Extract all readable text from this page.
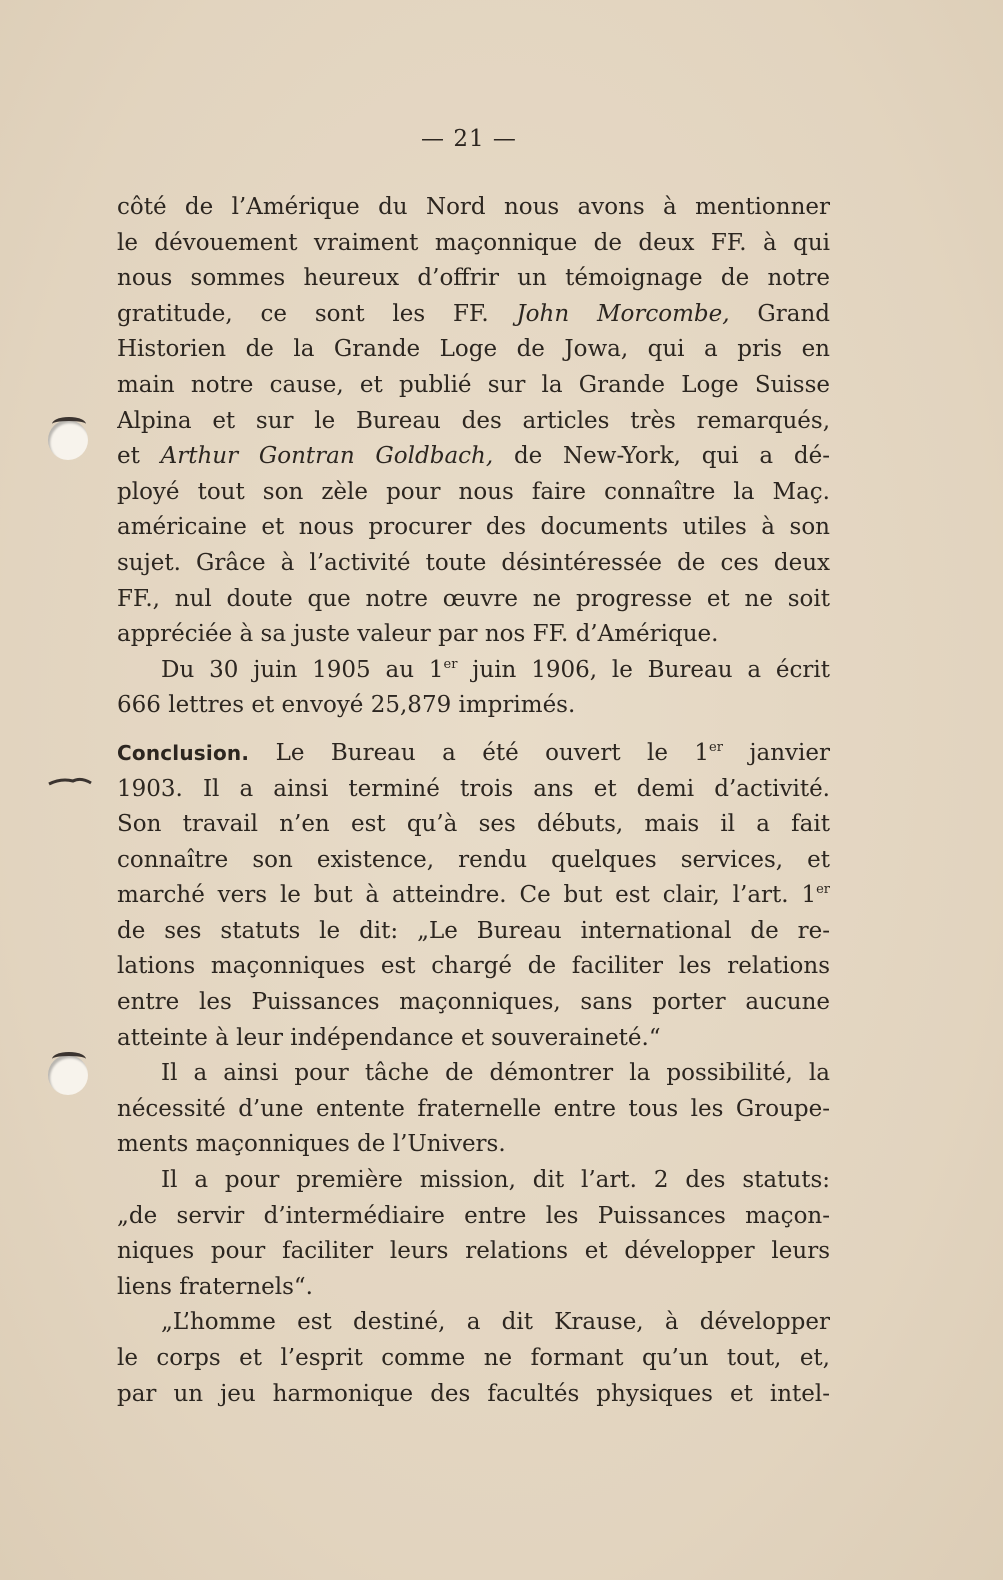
— 21 —
côté de l’Amérique du Nord nous avons à mentionner
le dévouement vraiment maçonnique de deux FF. à qui
nous sommes heureux d’offrir un témoignage de notre
gratitude, ce sont les FF. John Morcombe, Grand
Historien de la Grande Loge de Jowa, qui a pris en
main notre cause, et publié sur la Grande Loge Suisse
Alpina et sur le Bureau des articles très remarqués,
et Arthur Gontran Goldbach, de New-York, qui a dé-
ployé tout son zèle pour nous faire connaître la Maç.
américaine et nous procurer des documents utiles à son
sujet. Grâce à l’activité toute désintéressée de ces deux
FF., nul doute que notre œuvre ne progresse et ne soit
appréciée à sa juste valeur par nos FF. d’Amérique.
Du 30 juin 1905 au 1er juin 1906, le Bureau a écrit
666 lettres et envoyé 25,879 imprimés.
Conclusion. Le Bureau a été ouvert le 1er janvier
1903. Il a ainsi terminé trois ans et demi d’activité.
Son travail n’en est qu’à ses débuts, mais il a fait
connaître son existence, rendu quelques services, et
marché vers le but à atteindre. Ce but est clair, l’art. 1er
de ses statuts le dit: „Le Bureau international de re-
lations maçonniques est chargé de faciliter les relations
entre les Puissances maçonniques, sans porter aucune
atteinte à leur indépendance et souveraineté.“
Il a ainsi pour tâche de démontrer la possibilité, la
nécessité d’une entente fraternelle entre tous les Groupe-
ments maçonniques de l’Univers.
Il a pour première mission, dit l’art. 2 des statuts:
„de servir d’intermédiaire entre les Puissances maçon-
niques pour faciliter leurs relations et développer leurs
liens fraternels“.
„L’homme est destiné, a dit Krause, à développer
le corps et l’esprit comme ne formant qu’un tout, et,
par un jeu harmonique des facultés physiques et intel-
